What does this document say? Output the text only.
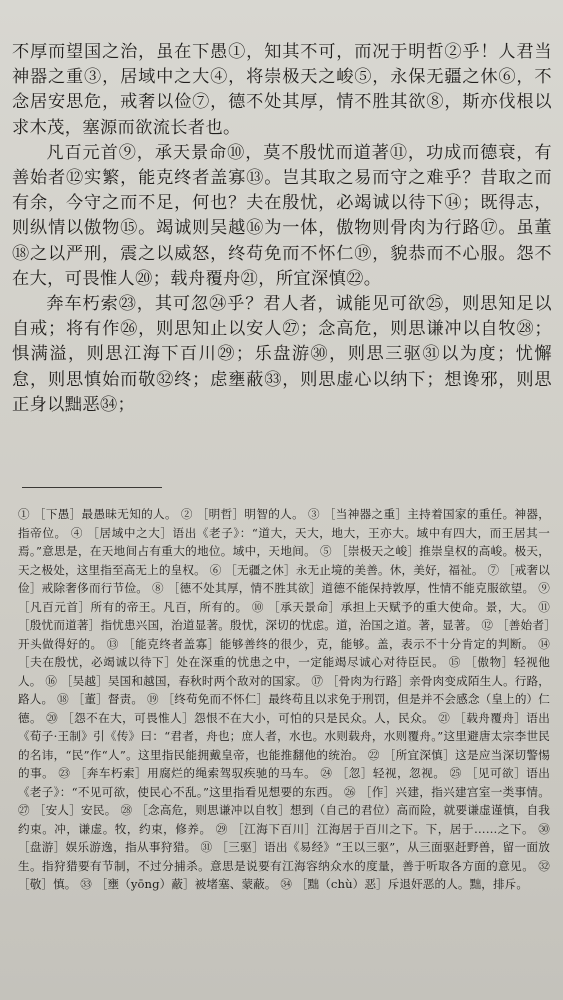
不厚而望国之治，虽在下愚①，知其不可，而况于明哲②乎！人君当神器之重③，居域中之大④，将崇极天之峻⑤，永保无疆之休⑥，不念居安思危，戒奢以俭⑦，德不处其厚，情不胜其欲⑧，斯亦伐根以求木茂，塞源而欲流长者也。

凡百元首⑨，承天景命⑩，莫不殷忧而道著⑪，功成而德衰，有善始者⑫实繁，能克终者盖寡⑬。岂其取之易而守之难乎？昔取之而有余，今守之而不足，何也？夫在殷忧，必竭诚以待下⑭；既得志，则纵情以傲物⑮。竭诚则吴越⑯为一体，傲物则骨肉为行路⑰。虽董⑱之以严刑，震之以威怒，终苟免而不怀仁⑲，貌恭而不心服。怨不在大，可畏惟人⑳；载舟覆舟㉑，所宜深慎㉒。

奔车朽索㉓，其可忽㉔乎？君人者，诚能见可欲㉕，则思知足以自戒；将有作㉖，则思知止以安人㉗；念高危，则思谦冲以自牧㉘；惧满溢，则思江海下百川㉙；乐盘游㉚，则思三驱㉛以为度；忧懈怠，则思慎始而敬㉜终；虑壅蔽㉝，则思虚心以纳下；想谗邪，则思正身以黜恶㉞；

① ［下愚］最愚昧无知的人。 ② ［明哲］明智的人。 ③ ［当神器之重］主持着国家的重任。神器，指帝位。 ④ ［居域中之大］语出《老子》：“道大，天大，地大，王亦大。域中有四大，而王居其一焉。”意思是，在天地间占有重大的地位。域中，天地间。 ⑤ ［崇极天之峻］推崇皇权的高峻。极天，天之极处，这里指至高无上的皇权。 ⑥ ［无疆之休］永无止境的美善。休，美好，福祉。 ⑦ ［戒奢以俭］戒除奢侈而行节俭。 ⑧ ［德不处其厚，情不胜其欲］道德不能保持敦厚，性情不能克服欲望。 ⑨ ［凡百元首］所有的帝王。凡百，所有的。 ⑩ ［承天景命］承担上天赋予的重大使命。景，大。 ⑪ ［殷忧而道著］指忧患兴国，治道显著。殷忧，深切的忧虑。道，治国之道。著，显著。 ⑫ ［善始者］开头做得好的。 ⑬ ［能克终者盖寡］能够善终的很少，克，能够。盖，表示不十分肯定的判断。 ⑭ ［夫在殷忧，必竭诚以待下］处在深重的忧患之中，一定能竭尽诚心对待臣民。 ⑮ ［傲物］轻视他人。 ⑯ ［吴越］吴国和越国，春秋时两个敌对的国家。 ⑰ ［骨肉为行路］亲骨肉变成陌生人。行路，路人。 ⑱ ［董］督责。 ⑲ ［终苟免而不怀仁］最终苟且以求免于刑罚，但是并不会感念（皇上的）仁德。 ⑳ ［怨不在大，可畏惟人］怨恨不在大小，可怕的只是民众。人，民众。 ㉑ ［载舟覆舟］语出《荀子·王制》引《传》曰：“君者，舟也；庶人者，水也。水则载舟，水则覆舟。”这里避唐太宗李世民的名讳，“民”作“人”。这里指民能拥戴皇帝，也能推翻他的统治。 ㉒ ［所宜深慎］这是应当深切警惕的事。 ㉓ ［奔车朽索］用腐烂的绳索驾驭疾驰的马车。 ㉔ ［忽］轻视，忽视。 ㉕ ［见可欲］语出《老子》：“不见可欲，使民心不乱。”这里指看见想要的东西。 ㉖ ［作］兴建，指兴建宫室一类事情。 ㉗ ［安人］安民。 ㉘ ［念高危，则思谦冲以自牧］想到（自己的君位）高而险，就要谦虚谨慎，自我约束。冲，谦虚。牧，约束，修养。 ㉙ ［江海下百川］江海居于百川之下。下，居于……之下。 ㉚ ［盘游］娱乐游逸，指从事狩猎。 ㉛ ［三驱］语出《易经》“王以三驱”，从三面驱赶野兽，留一面放生。指狩猎要有节制，不过分捕杀。意思是说要有江海容纳众水的度量，善于听取各方面的意见。 ㉜ ［敬］慎。 ㉝ ［壅（yōng）蔽］被堵塞、蒙蔽。 ㉞ ［黜（chù）恶］斥退奸恶的人。黜，排斥。
